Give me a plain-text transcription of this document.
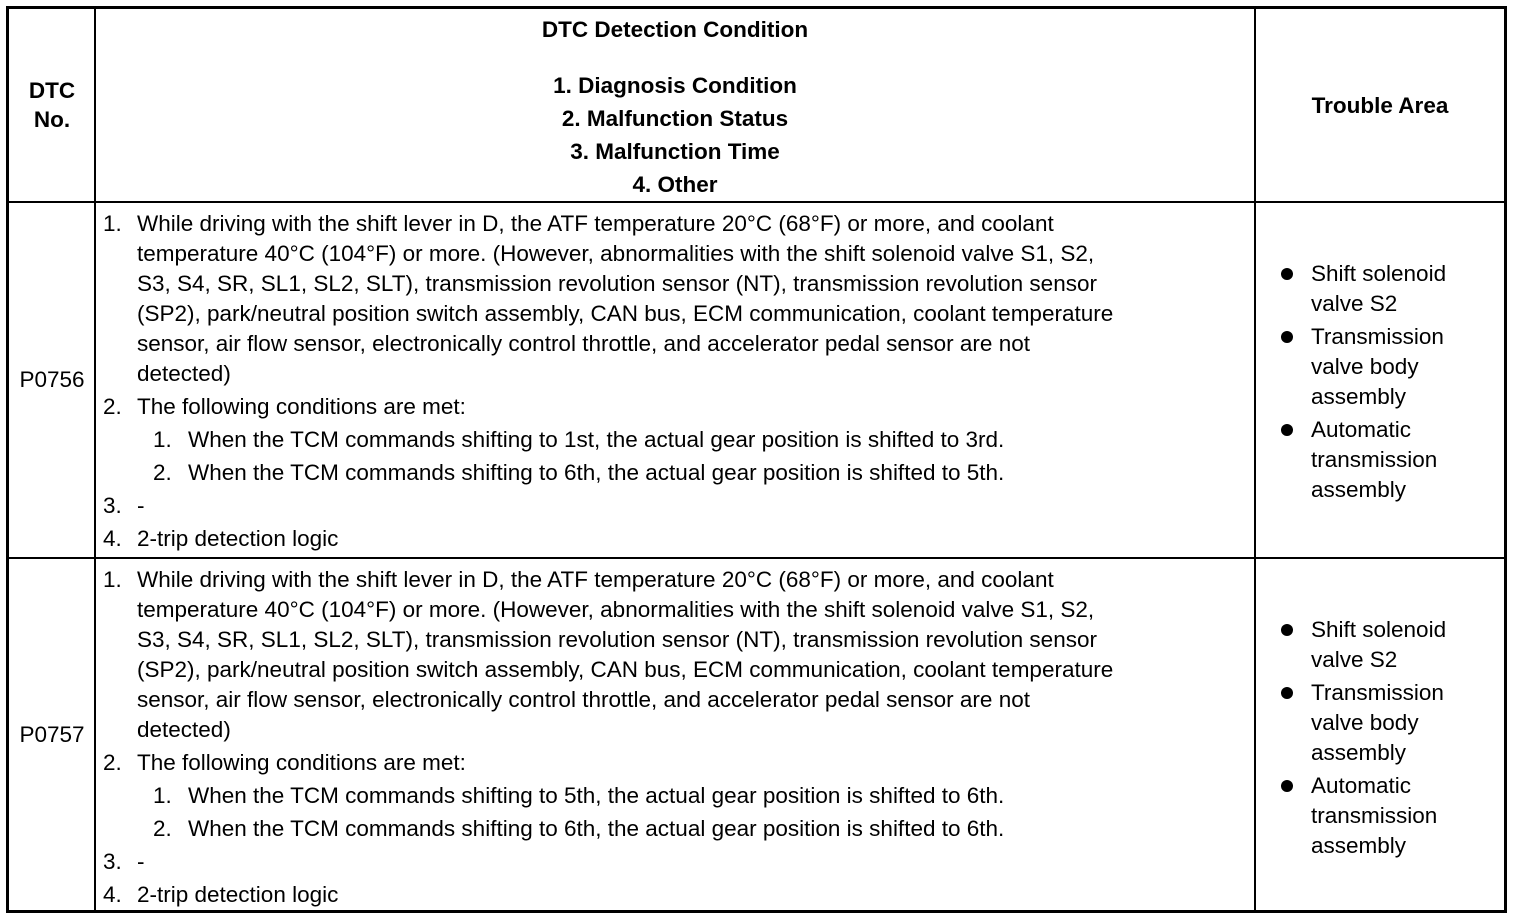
DTC
No.
DTC Detection Condition
1. Diagnosis Condition
2. Malfunction Status
3. Malfunction Time
4. Other
Trouble Area
P0756
1. While driving with the shift lever in D, the ATF temperature 20°C (68°F) or more, and coolant
temperature 40°C (104°F) or more. (However, abnormalities with the shift solenoid valve S1, S2,
S3, S4, SR, SL1, SL2, SLT), transmission revolution sensor (NT), transmission revolution sensor
(SP2), park/neutral position switch assembly, CAN bus, ECM communication, coolant temperature
sensor, air flow sensor, electronically control throttle, and accelerator pedal sensor are not
detected)
2. The following conditions are met:
1. When the TCM commands shifting to 1st, the actual gear position is shifted to 3rd.
2. When the TCM commands shifting to 6th, the actual gear position is shifted to 5th.
3. -
4. 2-trip detection logic
Shift solenoid
valve S2
Transmission
valve body
assembly
Automatic
transmission
assembly
P0757
1. While driving with the shift lever in D, the ATF temperature 20°C (68°F) or more, and coolant
temperature 40°C (104°F) or more. (However, abnormalities with the shift solenoid valve S1, S2,
S3, S4, SR, SL1, SL2, SLT), transmission revolution sensor (NT), transmission revolution sensor
(SP2), park/neutral position switch assembly, CAN bus, ECM communication, coolant temperature
sensor, air flow sensor, electronically control throttle, and accelerator pedal sensor are not
detected)
2. The following conditions are met:
1. When the TCM commands shifting to 5th, the actual gear position is shifted to 6th.
2. When the TCM commands shifting to 6th, the actual gear position is shifted to 6th.
3. -
4. 2-trip detection logic
Shift solenoid
valve S2
Transmission
valve body
assembly
Automatic
transmission
assembly
